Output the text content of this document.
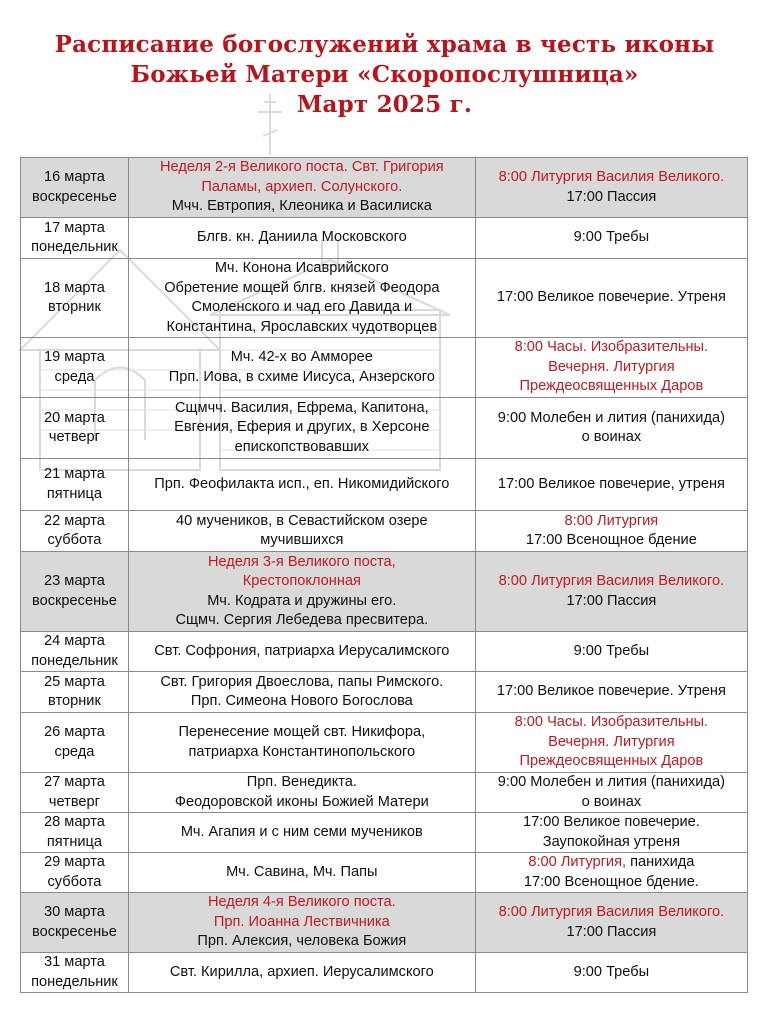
Расписание богослужений храма в честь иконы
Божьей Матери «Скоропослушница»
Март 2025 г.
16 марта
воскресенье	Неделя 2-я Великого поста. Свт. Григория
Паламы, архиеп. Солунского.
Мчч. Евтропия, Клеоника и Василиска	8:00 Литургия Василия Великого.
17:00 Пассия

17 марта
понедельник	Блгв. кн. Даниила Московского	9:00 Требы

18 марта
вторник	Мч. Конона Исаврийского
Обретение мощей блгв. князей Феодора
Смоленского и чад его Давида и
Константина, Ярославских чудотворцев	17:00 Великое повечерие. Утреня

19 марта
среда	Мч. 42-х во Амморее
Прп. Иова, в схиме Иисуса, Анзерского	8:00 Часы. Изобразительны.
Вечерня. Литургия
Преждеосвященных Даров

20 марта
четверг	Сщмчч. Василия, Ефрема, Капитона,
Евгения, Еферия и других, в Херсоне
епископствовавших	9:00 Молебен и лития (панихида)
о воинах

21 марта
пятница	Прп. Феофилакта исп., еп. Никомидийского	17:00 Великое повечерие, утреня

22 марта
суббота	40 мучеников, в Севастийском озере
мучившихся	8:00 Литургия
17:00 Всенощное бдение

23 марта
воскресенье	Неделя 3-я Великого поста,
Крестопоклонная
Мч. Кодрата и дружины его.
Сщмч. Сергия Лебедева пресвитера.	8:00 Литургия Василия Великого.
17:00 Пассия

24 марта
понедельник	Свт. Софрония, патриарха Иерусалимского	9:00 Требы

25 марта
вторник	Свт. Григория Двоеслова, папы Римского.
Прп. Симеона Нового Богослова	17:00 Великое повечерие. Утреня

26 марта
среда	Перенесение мощей свт. Никифора,
патриарха Константинопольского	8:00 Часы. Изобразительны.
Вечерня. Литургия
Преждеосвященных Даров

27 марта
четверг	Прп. Венедикта.
Феодоровской иконы Божией Матери	9:00 Молебен и лития (панихида)
о воинах

28 марта
пятница	Мч. Агапия и с ним семи мучеников	17:00 Великое повечерие.
Заупокойная утреня

29 марта
суббота	Мч. Савина, Мч. Папы	8:00 Литургия, панихида
17:00 Всенощное бдение.

30 марта
воскресенье	Неделя 4-я Великого поста.
Прп. Иоанна Лествичника
Прп. Алексия, человека Божия	8:00 Литургия Василия Великого.
17:00 Пассия

31 марта
понедельник	Свт. Кирилла, архиеп. Иерусалимского	9:00 Требы
